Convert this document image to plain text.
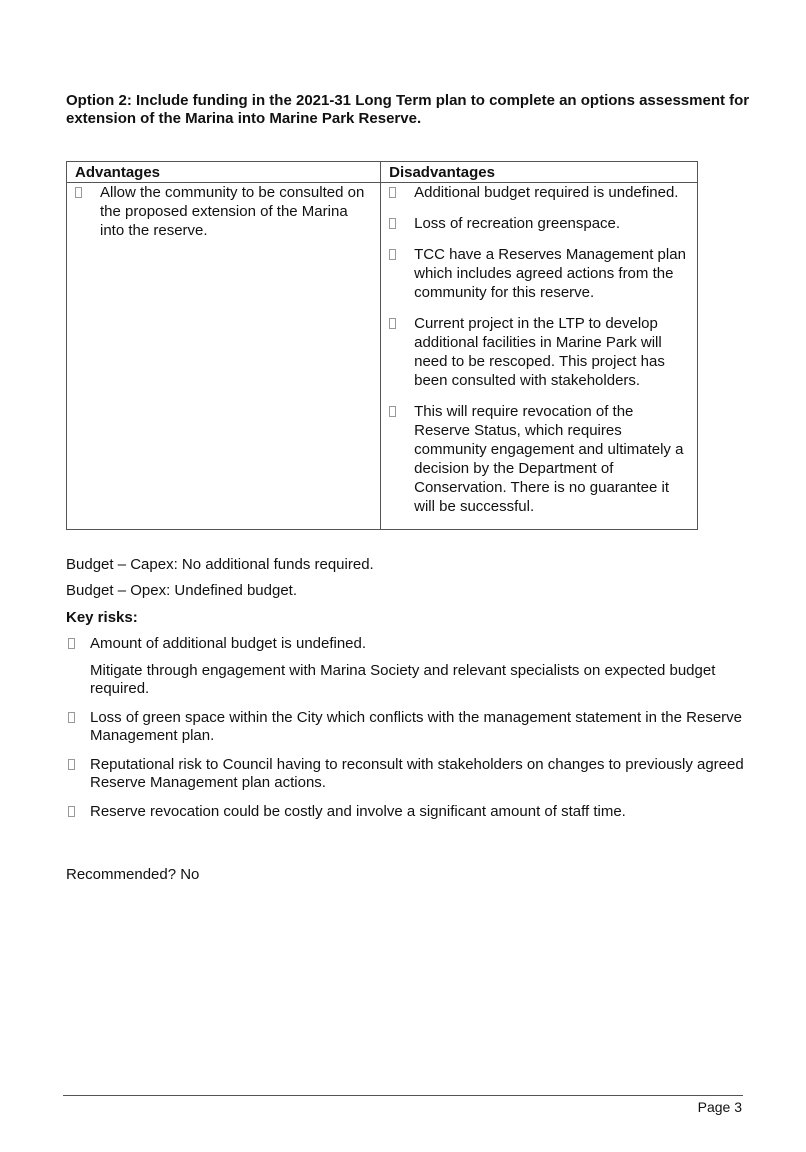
Option 2: Include funding in the 2021-31 Long Term plan to complete an options assessment for extension of the Marina into Marine Park Reserve.
Advantages	Disadvantages

Allow the community to be consulted on the proposed extension of the Marina into the reserve.	Additional budget required is undefined.
Loss of recreation greenspace.
TCC have a Reserves Management plan which includes agreed actions from the community for this reserve.
Current project in the LTP to develop additional facilities in Marine Park will need to be rescoped. This project has been consulted with stakeholders.
This will require revocation of the Reserve Status, which requires community engagement and ultimately a decision by the Department of Conservation. There is no guarantee it will be successful.
Budget – Capex: No additional funds required.
Budget – Opex: Undefined budget.
Key risks:
Amount of additional budget is undefined.
Mitigate through engagement with Marina Society and relevant specialists on expected budget required.
Loss of green space within the City which conflicts with the management statement in the Reserve Management plan.
Reputational risk to Council having to reconsult with stakeholders on changes to previously agreed Reserve Management plan actions.
Reserve revocation could be costly and involve a significant amount of staff time.
Recommended? No
Page 3
